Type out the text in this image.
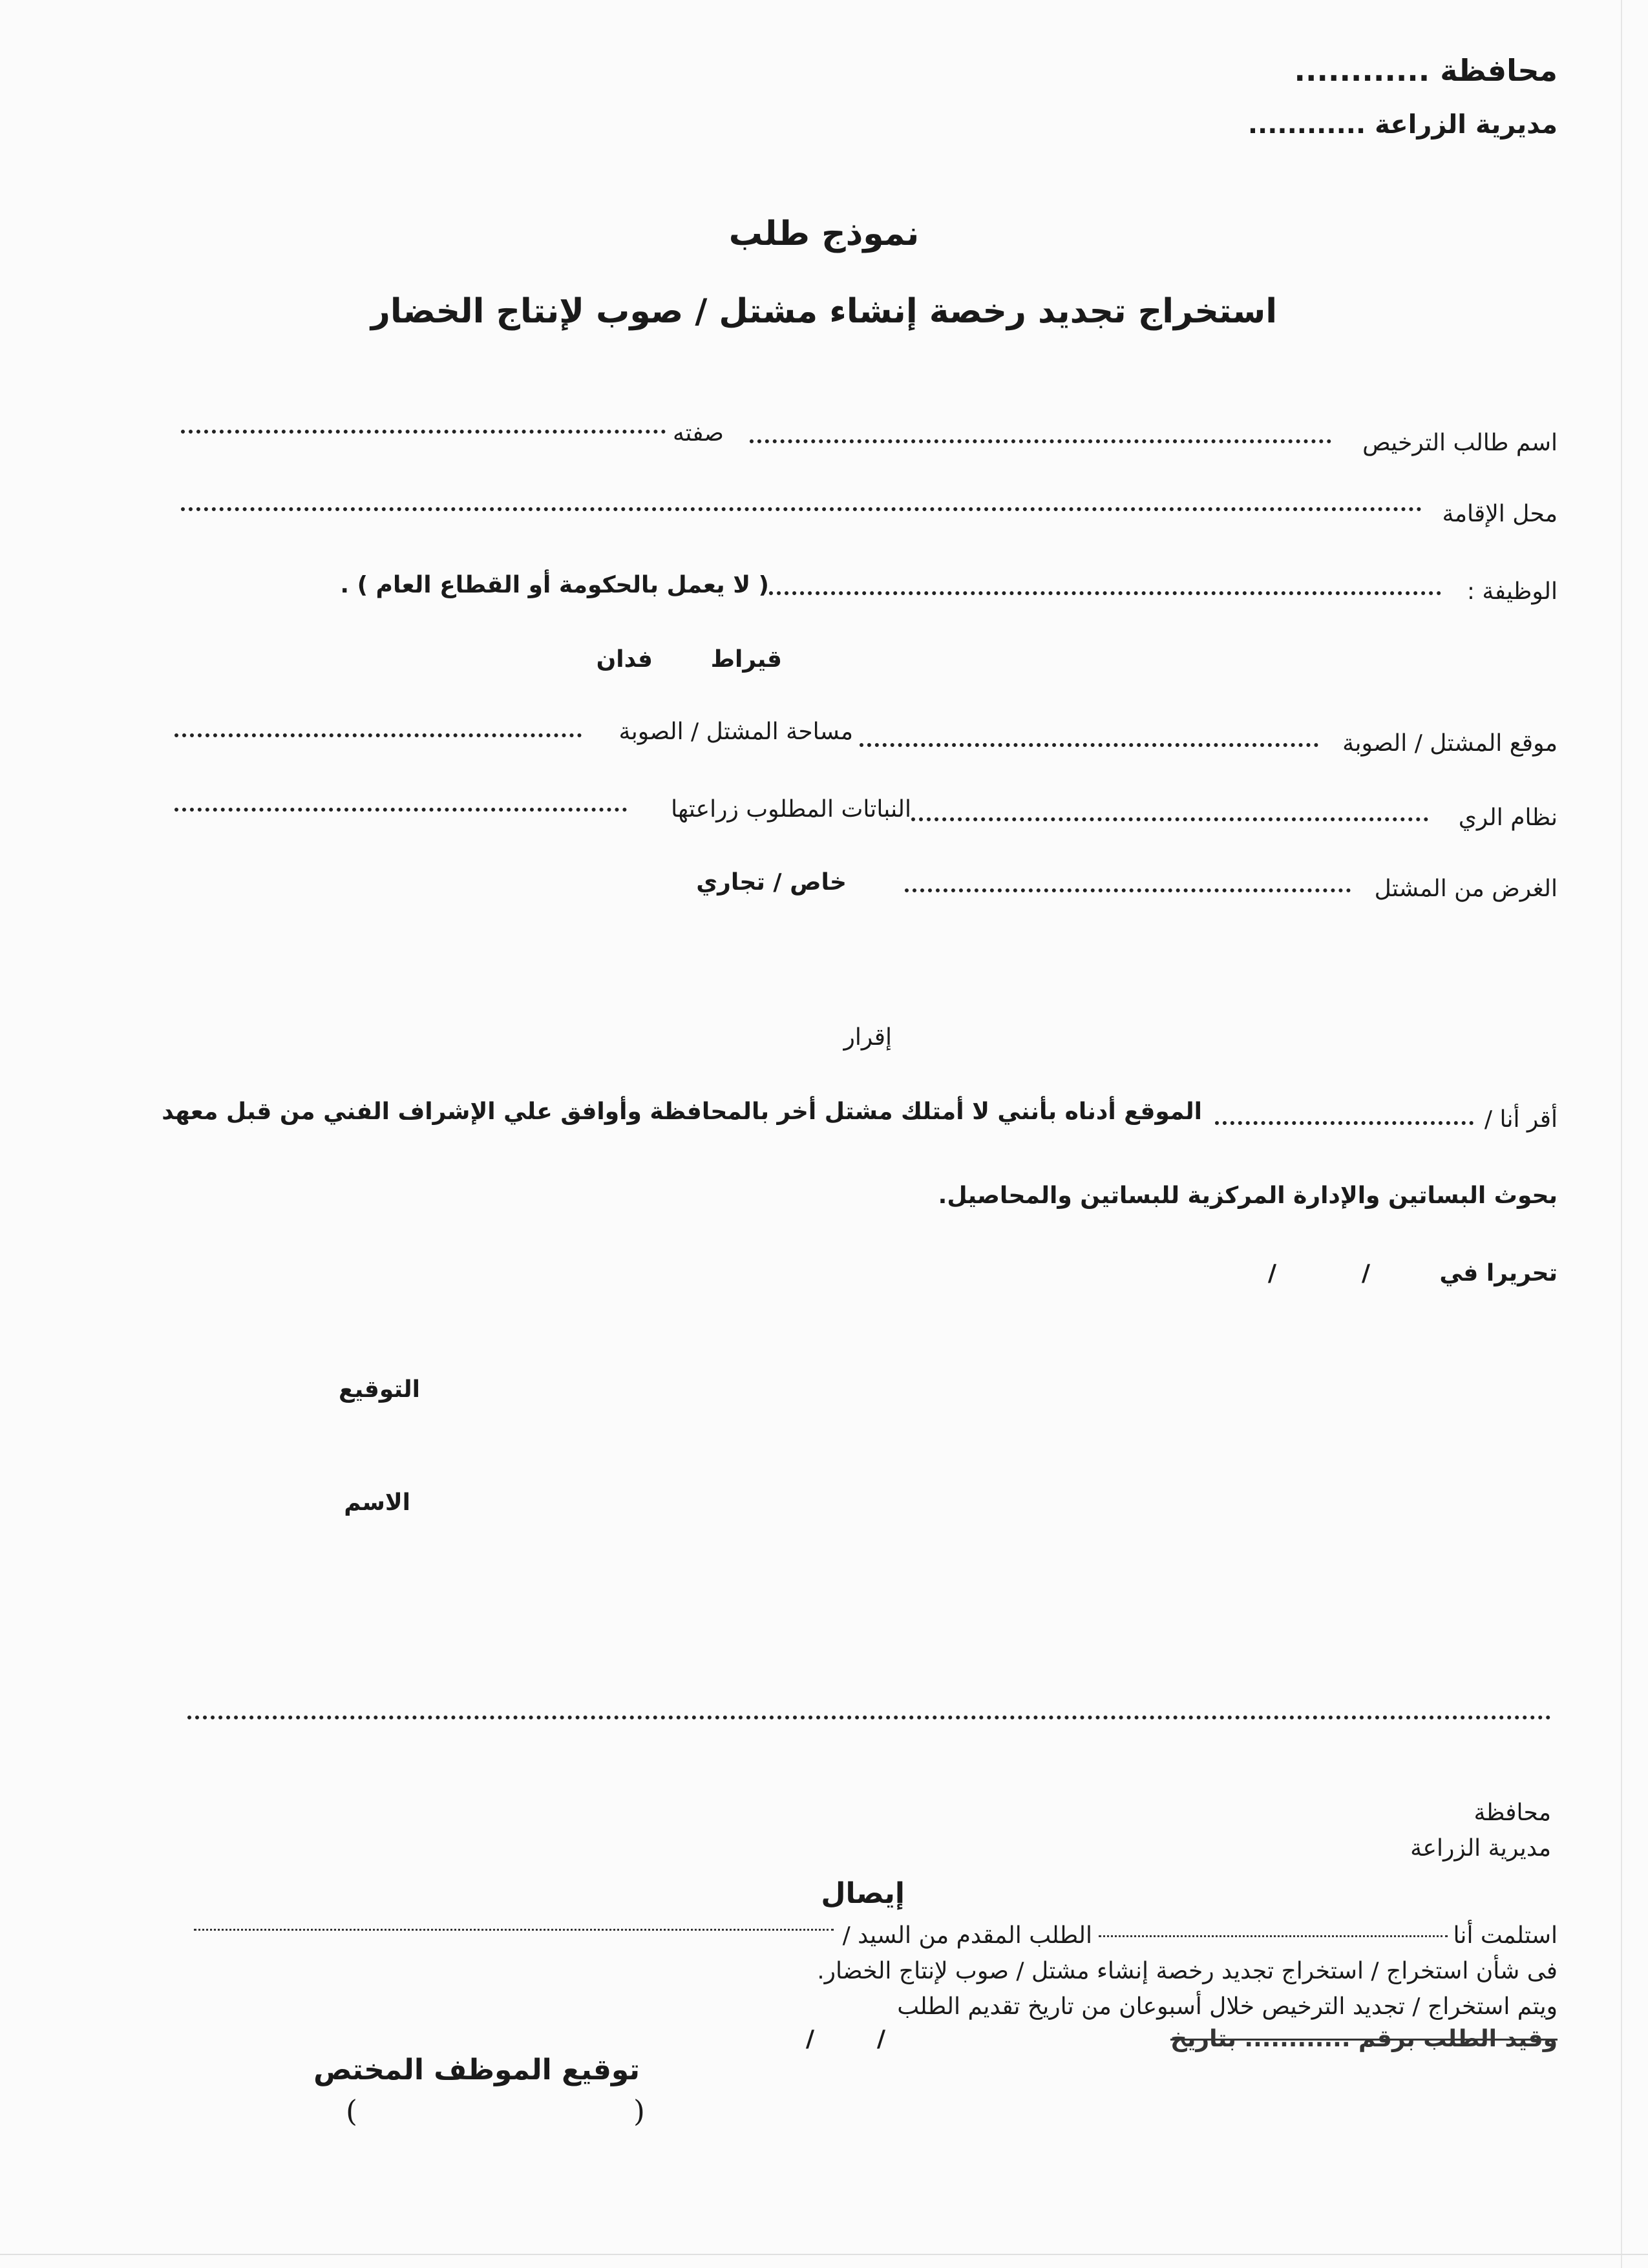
محافظة ............
مديرية الزراعة ............
نموذج طلب
استخراج تجديد رخصة إنشاء مشتل / صوب لإنتاج الخضار
اسم طالب الترخيص
صفته
محل الإقامة
الوظيفة :
( لا يعمل بالحكومة أو القطاع العام ) .
قيراط
فدان
موقع المشتل / الصوبة
مساحة المشتل / الصوبة
نظام الري
النباتات المطلوب زراعتها
الغرض من المشتل
خاص / تجاري
إقرار
أقر أنا /
الموقع أدناه بأنني لا أمتلك مشتل أخر بالمحافظة وأوافق علي الإشراف الفني من قبل معهد
بحوث البساتين والإدارة المركزية للبساتين والمحاصيل.
تحريرا في
/
/
التوقيع
الاسم
محافظة
مديرية الزراعة
إيصال
استلمت أنا
الطلب المقدم من السيد /
فى شأن استخراج / استخراج تجديد رخصة إنشاء مشتل / صوب لإنتاج الخضار.
ويتم استخراج / تجديد الترخيص خلال أسبوعان من تاريخ تقديم الطلب
وقيد الطلب برقم ............ بتاريخ
/
/
توقيع الموظف المختص
(	)
